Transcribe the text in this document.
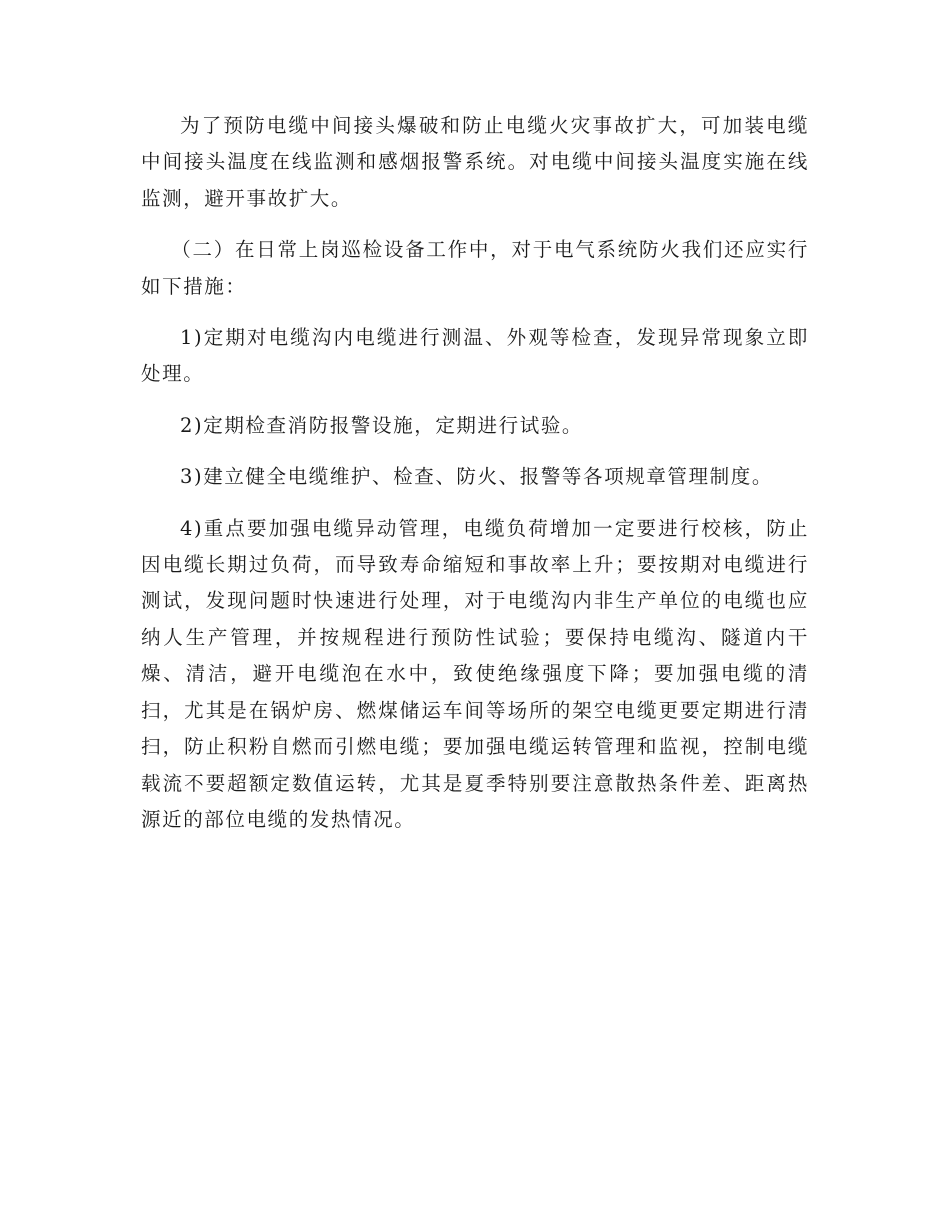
为了预防电缆中间接头爆破和防止电缆火灾事故扩大，可加装电缆中间接头温度在线监测和感烟报警系统。对电缆中间接头温度实施在线监测，避开事故扩大。

（二）在日常上岗巡检设备工作中，对于电气系统防火我们还应实行如下措施：

1)定期对电缆沟内电缆进行测温、外观等检查，发现异常现象立即处理。

2)定期检查消防报警设施，定期进行试验。

3)建立健全电缆维护、检查、防火、报警等各项规章管理制度。

4)重点要加强电缆异动管理，电缆负荷增加一定要进行校核，防止因电缆长期过负荷，而导致寿命缩短和事故率上升；要按期对电缆进行测试，发现问题时快速进行处理，对于电缆沟内非生产单位的电缆也应纳人生产管理，并按规程进行预防性试验；要保持电缆沟、隧道内干燥、清洁，避开电缆泡在水中，致使绝缘强度下降；要加强电缆的清扫，尤其是在锅炉房、燃煤储运车间等场所的架空电缆更要定期进行清扫，防止积粉自燃而引燃电缆；要加强电缆运转管理和监视，控制电缆载流不要超额定数值运转，尤其是夏季特别要注意散热条件差、距离热源近的部位电缆的发热情况。
